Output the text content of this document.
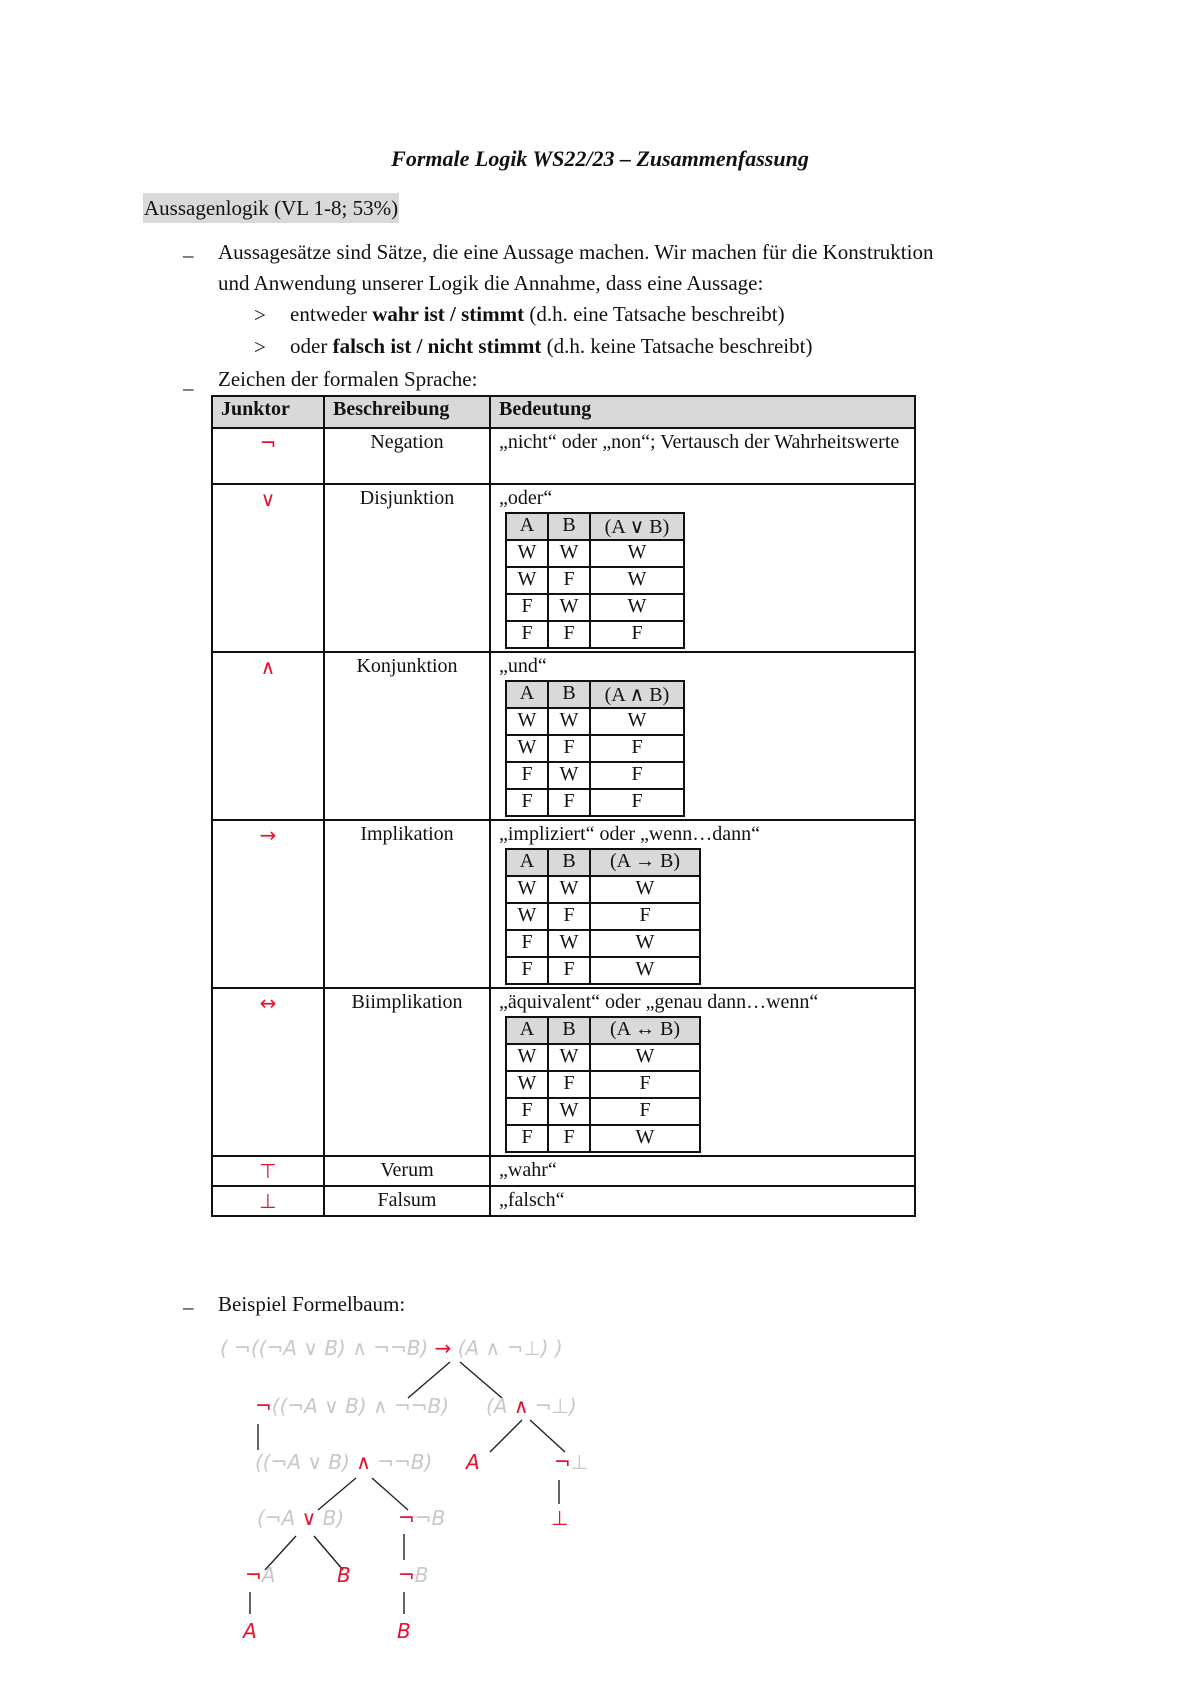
Formale Logik WS22/23 – Zusammenfassung
Aussagenlogik (VL 1-8; 53%)
– Aussagesätze sind Sätze, die eine Aussage machen. Wir machen für die Konstruktion
und Anwendung unserer Logik die Annahme, dass eine Aussage:
> entweder wahr ist / stimmt (d.h. eine Tatsache beschreibt)
> oder falsch ist / nicht stimmt (d.h. keine Tatsache beschreibt)
– Zeichen der formalen Sprache:
Junktor	Beschreibung	Bedeutung
¬	Negation	„nicht“ oder „non“; Vertausch der Wahrheitswerte
∨	Disjunktion	„oder“
A	B	(A ∨ B)
W	W	W
W	F	W
F	W	W
F	F	F

∧	Konjunktion	„und“
A	B	(A ∧ B)
W	W	W
W	F	F
F	W	F
F	F	F

→	Implikation	„impliziert“ oder „wenn…dann“
A	B	(A → B)
W	W	W
W	F	F
F	W	W
F	F	W

↔	Biimplikation	„äquivalent“ oder „genau dann…wenn“
A	B	(A ↔ B)
W	W	W
W	F	F
F	W	F
F	F	W

⊤	Verum	„wahr“
⊥	Falsum	„falsch“
– Beispiel Formelbaum:
( ¬((¬A ∨ B) ∧ ¬¬B) → (A ∧ ¬⊥) )
¬((¬A ∨ B) ∧ ¬¬B) (A ∧ ¬⊥)
((¬A ∨ B) ∧ ¬¬B) A	¬⊥
(¬A ∨ B)	¬¬B	⊥
¬A	B ¬B
A	B
